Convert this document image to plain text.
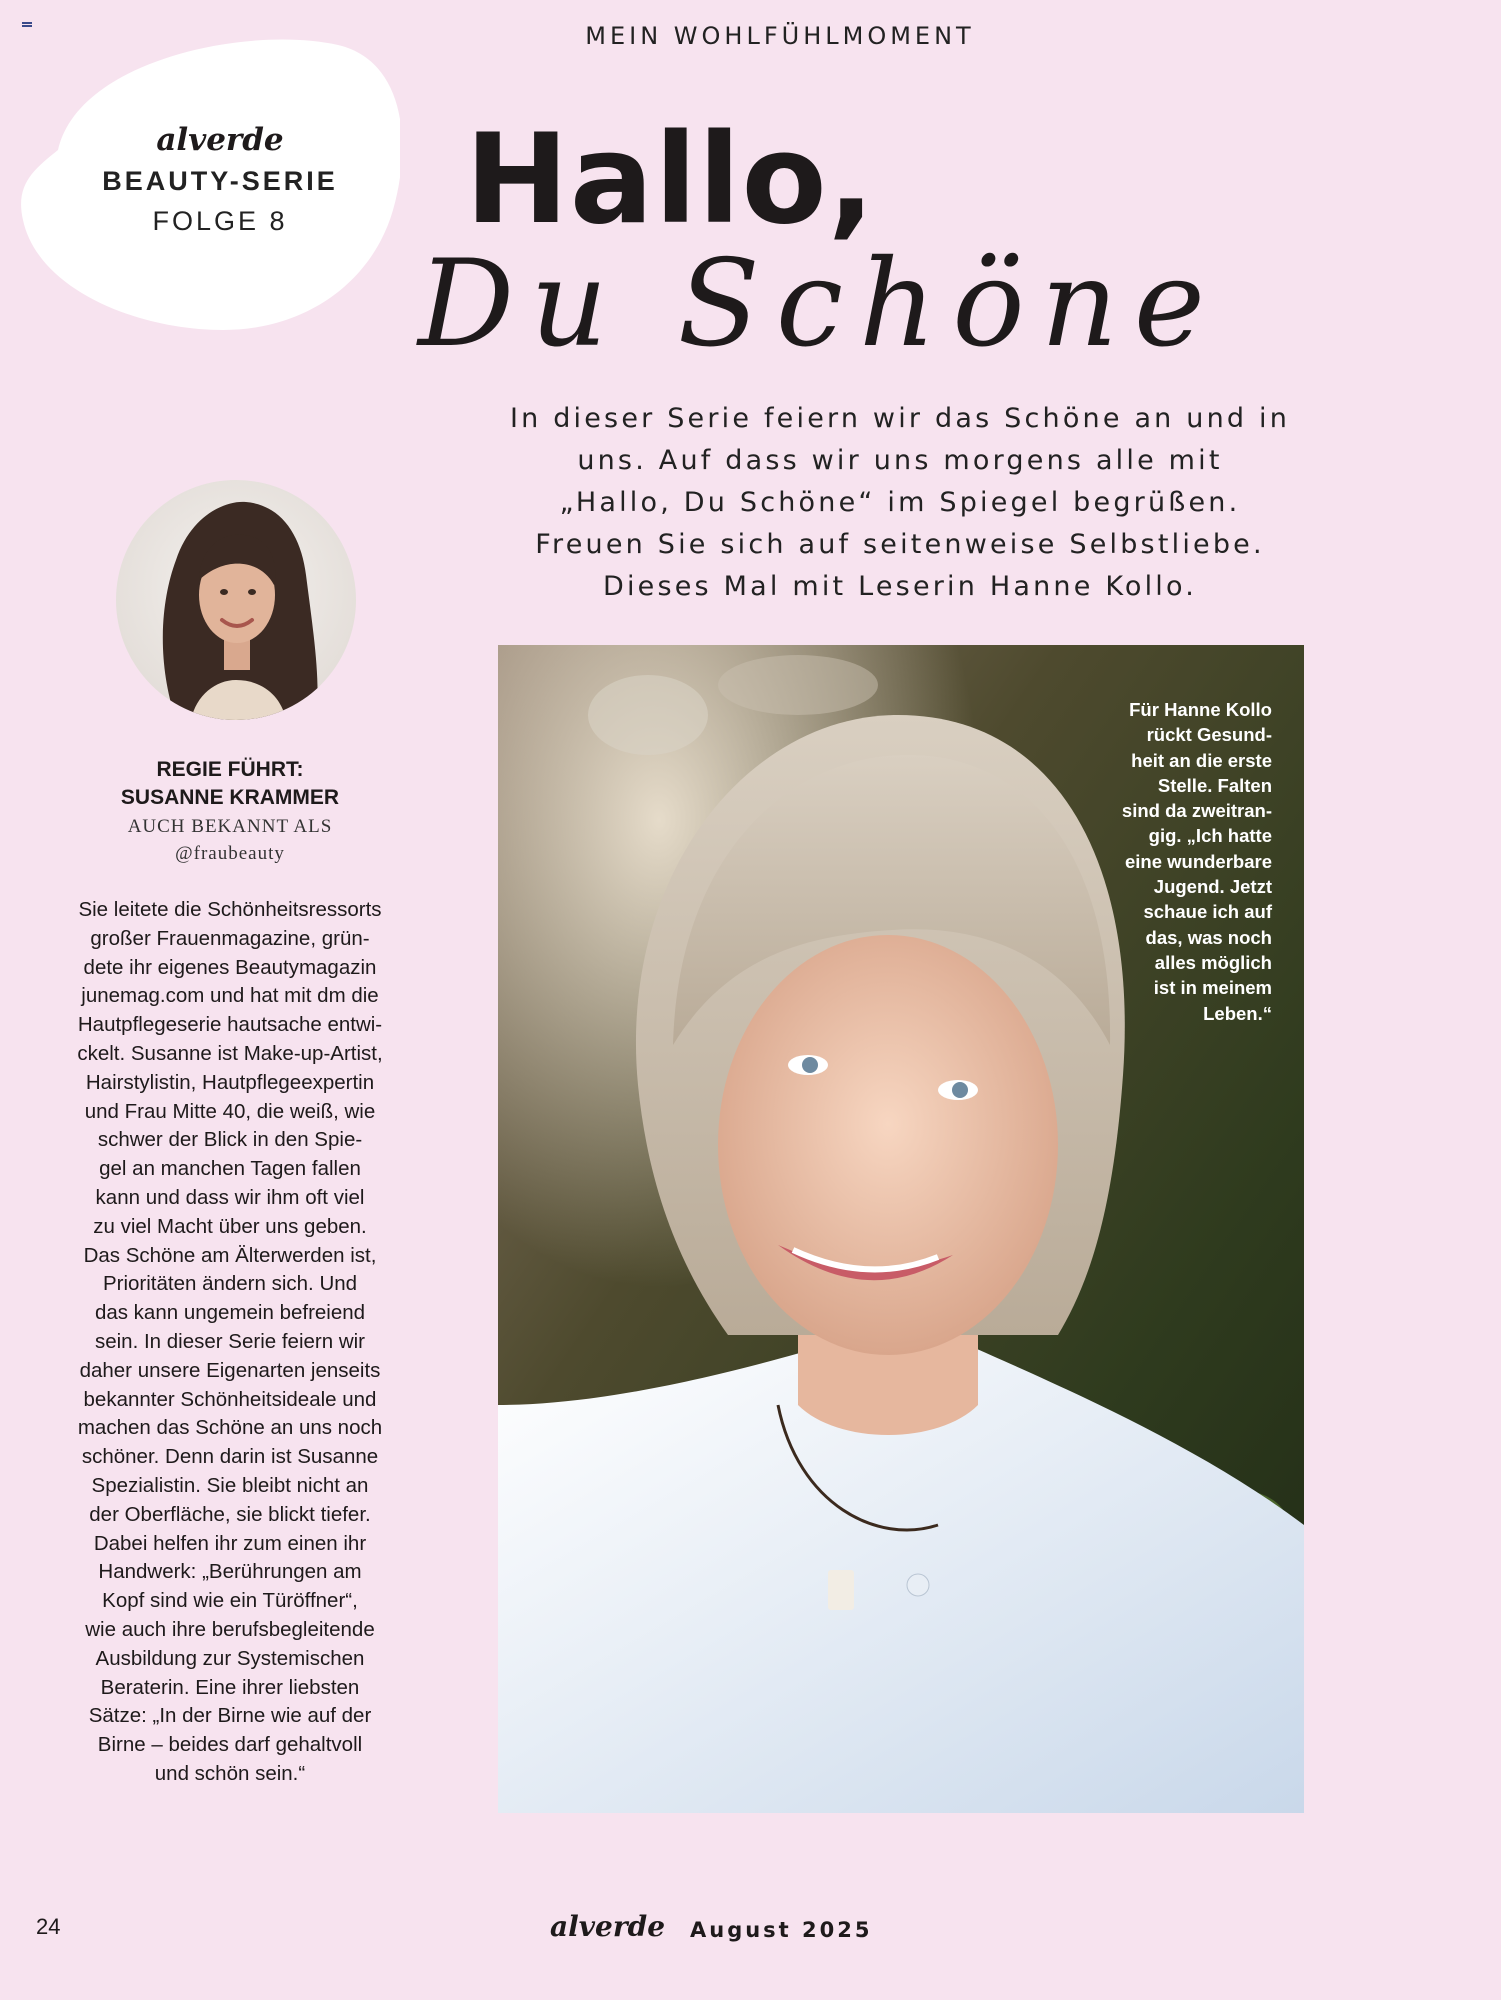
MEIN WOHLFÜHLMOMENT
alverde
BEAUTY-SERIE
FOLGE 8	Hallo,
Du Schöne
In dieser Serie feiern wir das Schöne an und in
uns. Auf dass wir uns morgens alle mit
„Hallo, Du Schöne“ im Spiegel begrüßen.
Freuen Sie sich auf seitenweise Selbstliebe.
Dieses Mal mit Leserin Hanne Kollo.
REGIE FÜHRT:
SUSANNE KRAMMER
AUCH BEKANNT ALS
@fraubeauty
Sie leitete die Schönheitsressorts
großer Frauenmagazine, grün-
dete ihr eigenes Beautymagazin
junemag.com und hat mit dm die
Hautpflegeserie hautsache entwi-
ckelt. Susanne ist Make-up-Artist,
Hairstylistin, Hautpflegeexpertin
und Frau Mitte 40, die weiß, wie
schwer der Blick in den Spie-
gel an manchen Tagen fallen
kann und dass wir ihm oft viel
zu viel Macht über uns geben.
Das Schöne am Älterwerden ist,
Prioritäten ändern sich. Und
das kann ungemein befreiend
sein. In dieser Serie feiern wir
daher unsere Eigenarten jenseits
bekannter Schönheitsideale und
machen das Schöne an uns noch
schöner. Denn darin ist Susanne
Spezialistin. Sie bleibt nicht an
der Oberfläche, sie blickt tiefer.
Dabei helfen ihr zum einen ihr
Handwerk: „Berührungen am
Kopf sind wie ein Türöffner“,
wie auch ihre berufsbegleitende
Ausbildung zur Systemischen
Beraterin. Eine ihrer liebsten
Sätze: „In der Birne wie auf der
Birne – beides darf gehaltvoll
und schön sein.“
Für Hanne Kollo
rückt Gesund-
heit an die erste
Stelle. Falten
sind da zweitran-
gig. „Ich hatte
eine wunderbare
Jugend. Jetzt
schaue ich auf
das, was noch
alles möglich
ist in meinem
Leben.“
24	alverde August 2025
